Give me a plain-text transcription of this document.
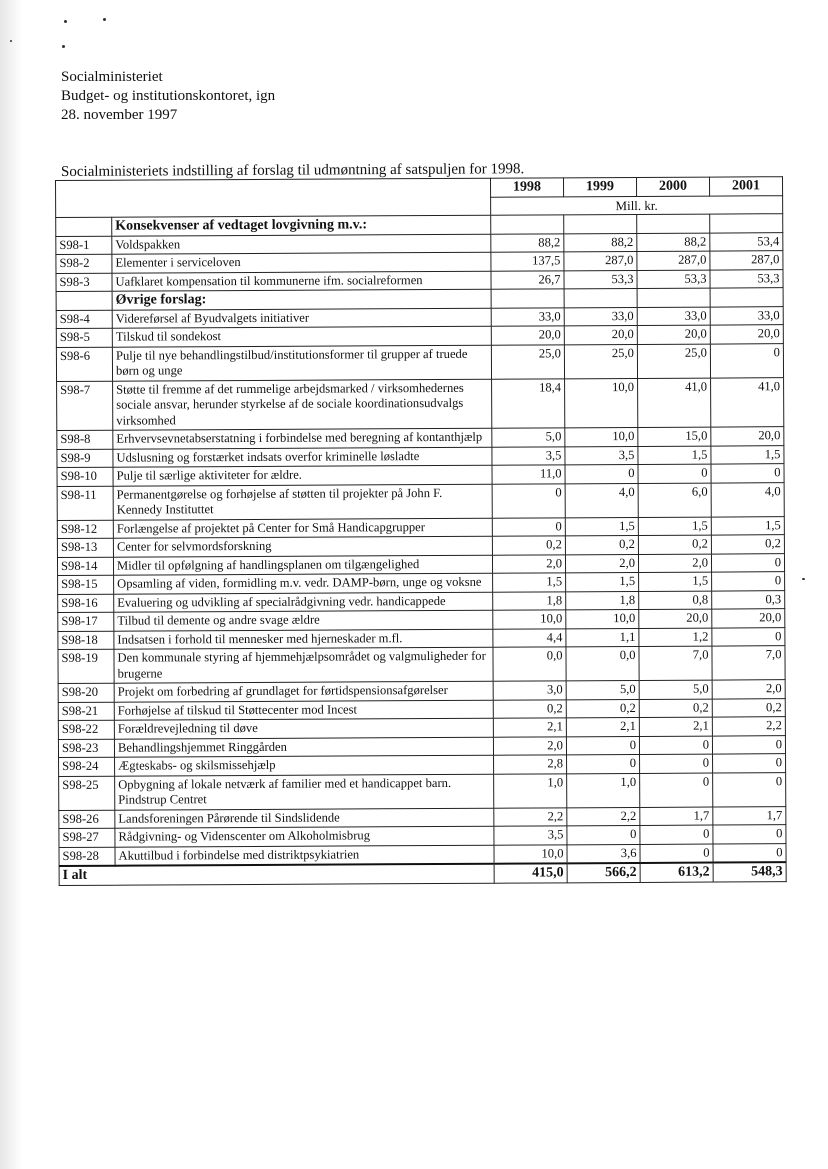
Socialministeriet
Budget- og institutionskontoret, ign
28. november 1997
Socialministeriets indstilling af forslag til udmøntning af satspuljen for 1998.
		1998	1999	2000	2001
		Mill. kr.			
	Konsekvenser af vedtaget lovgivning m.v.:				
S98-1	Voldspakken	88,2	88,2	88,2	53,4
S98-2	Elementer i serviceloven	137,5	287,0	287,0	287,0
S98-3	Uafklaret kompensation til kommunerne ifm. socialreformen	26,7	53,3	53,3	53,3
	Øvrige forslag:				
S98-4	Videreførsel af Byudvalgets initiativer	33,0	33,0	33,0	33,0
S98-5	Tilskud til sondekost	20,0	20,0	20,0	20,0
S98-6	Pulje til nye behandlingstilbud/institutionsformer til grupper af truede børn og unge	25,0	25,0	25,0	0
S98-7	Støtte til fremme af det rummelige arbejdsmarked / virksomhedernes sociale ansvar, herunder styrkelse af de sociale koordinationsudvalgs virksomhed	18,4	10,0	41,0	41,0
S98-8	Erhvervsevnetabserstatning i forbindelse med beregning af kontanthjælp	5,0	10,0	15,0	20,0
S98-9	Udslusning og forstærket indsats overfor kriminelle løsladte	3,5	3,5	1,5	1,5
S98-10	Pulje til særlige aktiviteter for ældre.	11,0	0	0	0
S98-11	Permanentgørelse og forhøjelse af støtten til projekter på John F. Kennedy Instituttet	0	4,0	6,0	4,0
S98-12	Forlængelse af projektet på Center for Små Handicapgrupper	0	1,5	1,5	1,5
S98-13	Center for selvmordsforskning	0,2	0,2	0,2	0,2
S98-14	Midler til opfølgning af handlingsplanen om tilgængelighed	2,0	2,0	2,0	0
S98-15	Opsamling af viden, formidling m.v. vedr. DAMP-børn, unge og voksne	1,5	1,5	1,5	0
S98-16	Evaluering og udvikling af specialrådgivning vedr. handicappede	1,8	1,8	0,8	0,3
S98-17	Tilbud til demente og andre svage ældre	10,0	10,0	20,0	20,0
S98-18	Indsatsen i forhold til mennesker med hjerneskader m.fl.	4,4	1,1	1,2	0
S98-19	Den kommunale styring af hjemmehjælpsområdet og valgmuligheder for brugerne	0,0	0,0	7,0	7,0
S98-20	Projekt om forbedring af grundlaget for førtidspensionsafgørelser	3,0	5,0	5,0	2,0
S98-21	Forhøjelse af tilskud til Støttecenter mod Incest	0,2	0,2	0,2	0,2
S98-22	Forældrevejledning til døve	2,1	2,1	2,1	2,2
S98-23	Behandlingshjemmet Ringgården	2,0	0	0	0
S98-24	Ægteskabs- og skilsmissehjælp	2,8	0	0	0
S98-25	Opbygning af lokale netværk af familier med et handicappet barn. Pindstrup Centret	1,0	1,0	0	0
S98-26	Landsforeningen Pårørende til Sindslidende	2,2	2,2	1,7	1,7
S98-27	Rådgivning- og Videnscenter om Alkoholmisbrug	3,5	0	0	0
S98-28	Akuttilbud i forbindelse med distriktpsykiatrien	10,0	3,6	0	0
I alt		415,0	566,2	613,2	548,3
